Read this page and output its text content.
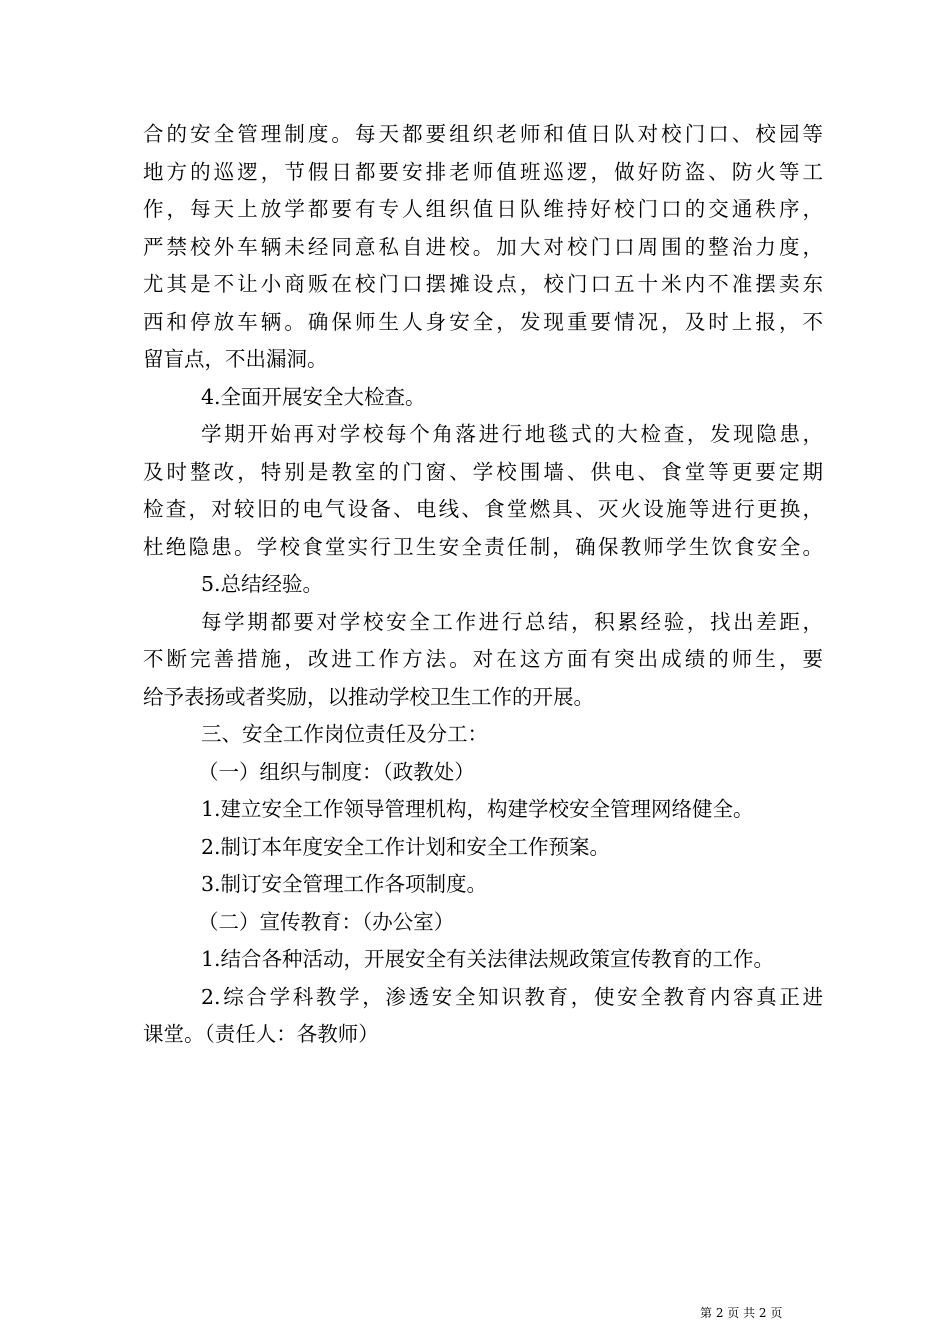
合的安全管理制度。每天都要组织老师和值日队对校门口、校园等
地方的巡逻，节假日都要安排老师值班巡逻，做好防盗、防火等工
作，每天上放学都要有专人组织值日队维持好校门口的交通秩序，
严禁校外车辆未经同意私自进校。加大对校门口周围的整治力度，
尤其是不让小商贩在校门口摆摊设点，校门口五十米内不准摆卖东
西和停放车辆。确保师生人身安全，发现重要情况，及时上报，不
留盲点，不出漏洞。
4.全面开展安全大检查。
学期开始再对学校每个角落进行地毯式的大检查，发现隐患，
及时整改，特别是教室的门窗、学校围墙、供电、食堂等更要定期
检查，对较旧的电气设备、电线、食堂燃具、灭火设施等进行更换，
杜绝隐患。学校食堂实行卫生安全责任制，确保教师学生饮食安全。
5.总结经验。
每学期都要对学校安全工作进行总结，积累经验，找出差距，
不断完善措施，改进工作方法。对在这方面有突出成绩的师生，要
给予表扬或者奖励，以推动学校卫生工作的开展。
三、安全工作岗位责任及分工：
（一）组织与制度：（政教处）
1.建立安全工作领导管理机构，构建学校安全管理网络健全。
2.制订本年度安全工作计划和安全工作预案。
3.制订安全管理工作各项制度。
（二）宣传教育：（办公室）
1.结合各种活动，开展安全有关法律法规政策宣传教育的工作。
2.综合学科教学，渗透安全知识教育，使安全教育内容真正进
课堂。（责任人：各教师）
第 2 页 共 2 页
